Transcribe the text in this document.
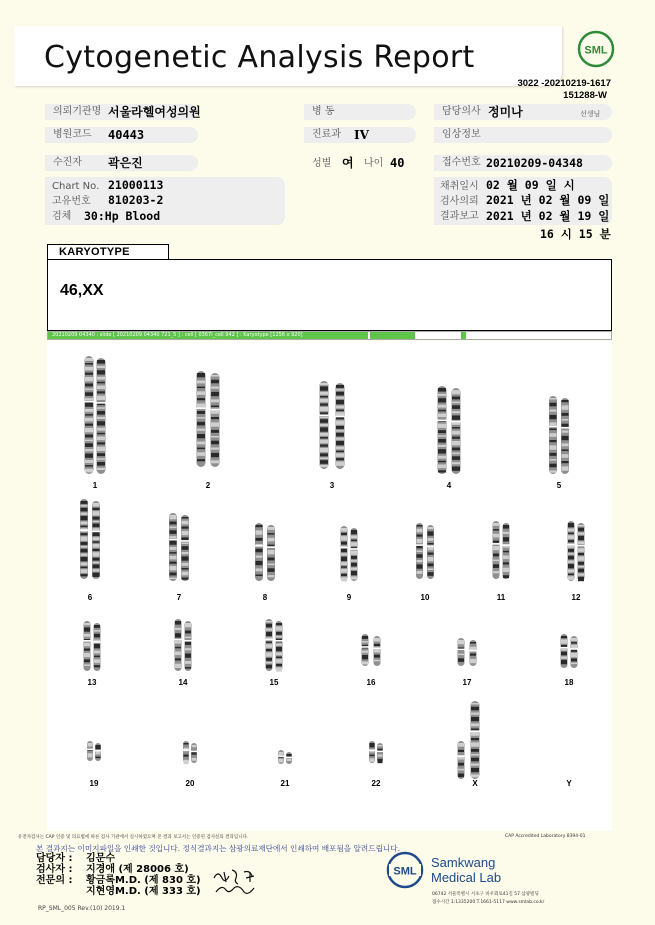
Cytogenetic Analysis Report	SML
3022 -20210219-1617
151288-W
의뢰기관명 서울라헬여성의원	병 동	담당의사 정미나	선생님
병원코드	40443	진료과	IV	임상정보
수진자	곽은진	성별 여 나이 40	접수번호 20210209-04348
Chart No. 21000113
고유번호 810203-2
검체 30:Hp Blood
채취일시 02 월 09 일 시
검사의뢰 2021 년 02 월 09 일
결과보고 2021 년 02 월 19 일
16 시 15 분
KARYOTYPE
46,XX
20210209 04340 : slide [ 20210209 04340 721_5 ] : cell [ 0367l_cell 942 ] : Karyotype [1256 x 920]
1	2	3	4	5
6	7	8	9	10	11	12
13	14	15	16	17	18
19	20	21	22	X	Y
유전자검사는 CAP 인증 및 의료법에 따른 검사 기관에서 실시하였으며 본 결과 보고서는 인증된 검사실의 결과입니다.	CAP Accredited Laboratory 8394-01
본 결과지는 이미지파일을 인쇄한 것입니다. 정식결과지는 삼광의료재단에서 인쇄하여 배포됨을 알려드립니다.
담당자 :	김문수
검사자 :	지경애 (제 28006 호)
전문의 :	황금록M.D. (제 830 호)
지현영M.D. (제 333 호)
SML
Samkwang
Medical Lab
06742 서울특별시 서초구 바우뫼로41길 57 삼광빌딩
접수시간 1:1335200 T.1661-5117 www.smlab.co.kr
RP_SML_005 Rev.(10) 2019.1
